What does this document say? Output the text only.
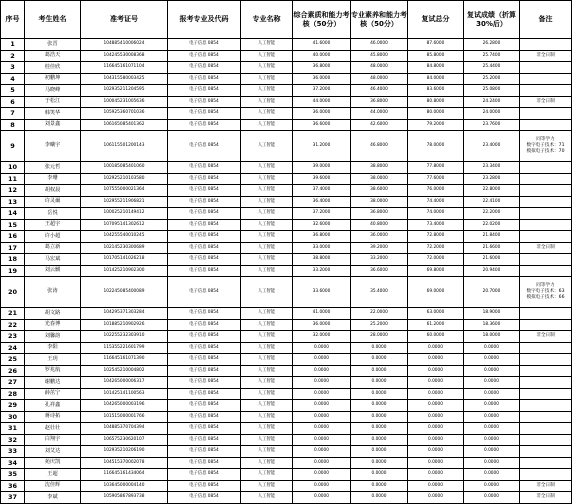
序号	考生姓名	准考证号	报考专业及代码	专业名称	综合素质和能力考核（50分）	专业素养和能力考核（50分）	复试总分	复试成绩（折算30%后）	备注
1	张晋	104885410006024	电子信息 0854	人工智能	41.6000	46.0000	87.6000	26.2800	
2	葛浩天	104245530008368	电子信息 0854	人工智能	40.0000	45.8000	85.8000	25.7400	非全日制
3	桂佳欣	116645161071104	电子信息 0854	人工智能	36.8000	48.0000	84.8000	25.4400	
4	初鹏坤	104315580003425	电子信息 0854	人工智能	36.0000	48.0000	84.0000	25.2000	
5	马晓峰	102935211204595	电子信息 0854	人工智能	37.2000	46.4000	83.6000	25.0800	
6	于松江	100045231005636	电子信息 0854	人工智能	44.0000	36.8000	80.8000	24.2400	非全日制
7	韩笑华	105925360701036	电子信息 0854	人工智能	36.0000	44.0000	80.0000	24.0000	
8	刘景鑫	106165085401362	电子信息 0854	人工智能	36.6000	42.6000	79.2000	23.7600	
9	李曦宇	106115501200143	电子信息 0854	人工智能	31.2000	46.8000	78.0000	23.4000	同等学力
数字电子技术：71
模拟电子技术：70
10	张元哲	100185085401060	电子信息 0854	人工智能	39.0000	38.8000	77.8000	23.3400	
11	李珊	102925210103580	电子信息 0854	人工智能	39.6000	38.0000	77.6000	23.2800	
12	胡权晨	107555000021364	电子信息 0854	人工智能	37.4000	38.6000	76.0000	22.8000	
13	许灵爾	102955211906821	电子信息 0854	人工智能	36.4000	38.0000	74.4000	22.4100	
14	岳悦	100025210149412	电子信息 0854	人工智能	37.2000	36.8000	74.0000	22.2000	
15	王超宇	107095141302612	电子信息 0854	人工智能	32.6000	40.8000	73.4000	22.0200	
16	许小超	104255540010245	电子信息 0854	人工智能	36.8000	36.0000	72.8000	21.8400	
17	葛立新	102145230300689	电子信息 0854	人工智能	33.0000	39.2000	72.2000	21.6600	非全日制
18	马宏斌	101705141026218	电子信息 0854	人工智能	38.8000	33.2000	72.0000	21.6000	
19	刘云麒	101425210902300	电子信息 0854	人工智能	33.2000	36.6000	69.8000	20.9400	
20	张涛	102245085400089	电子信息 0854	人工智能	33.6000	35.4000	69.0000	20.7000	同等学力
数字电子技术：63
模拟电子技术：66
21	胡文路	104295371303284	电子信息 0854	人工智能	41.0000	22.0000	63.0000	18.9000	
22	光春博	101885210902926	电子信息 0854	人工智能	36.0000	25.2000	61.2000	18.3600	
23	刘馨韵	102255232303910	电子信息 0854	人工智能	32.0000	28.0000	60.0000	18.0000	非全日制
24	李阳	115355221601799	电子信息 0854	人工智能	0.0000	0.0000	0.0000	0.0000	
25	王玥	116645161071390	电子信息 0854	人工智能	0.0000	0.0000	0.0000	0.0000	
26	罗兆航	102545210004802	电子信息 0854	人工智能	0.0000	0.0000	0.0000	0.0000	
27	谢鹏达	104265000006317	电子信息 0854	人工智能	0.0000	0.0000	0.0000	0.0000	
28	薛茁宁	101425141100563	电子信息 0854	人工智能	0.0000	0.0000	0.0000	0.0000	
29	孔祥鑫	104265000003196	电子信息 0854	人工智能	0.0000	0.0000	0.0000	0.0000	
30	蒋诗拓	101515000001766	电子信息 0854	人工智能	0.0000	0.0000	0.0000	0.0000	
31	赵壮壮	104885370704394	电子信息 0854	人工智能	0.0000	0.0000	0.0000	0.0000	
32	白翔宇	106575230620107	电子信息 0854	人工智能	0.0000	0.0000	0.0000	0.0000	
33	刘艾达	102935210206190	电子信息 0854	人工智能	0.0000	0.0000	0.0000	0.0000	
34	苑庆凯	104515370002078	电子信息 0854	人工智能	0.0000	0.0000	0.0000	0.0000	
35	王超	116645161434064	电子信息 0854	人工智能	0.0000	0.0000	0.0000	0.0000	
36	沈佳辉	103645000004140	电子信息 0854	人工智能	0.0000	0.0000	0.0000	0.0000	非全日制
37	李斌	105905867893738	电子信息 0854	人工智能	0.0000	0.0000	0.0000	0.0000	非全日制
